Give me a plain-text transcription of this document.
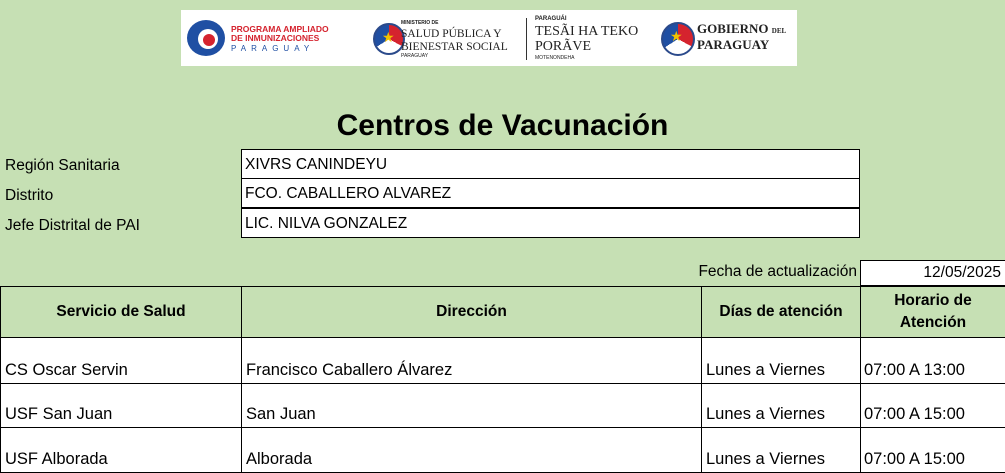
PROGRAMA AMPLIADO
DE INMUNIZACIONES
PARAGUAY
★
MINISTERIO DE
SALUD PÚBLICA Y
BIENESTAR SOCIAL
PARAGUAY
PARAGUÁI
TESÃI HA TEKO
PORÃVE
MOTENONDEHA
★
GOBIERNO DEL
PARAGUAY
Centros de Vacunación
Región Sanitaria	XIVRS CANINDEYU
Distrito	FCO. CABALLERO ALVAREZ
Jefe Distrital de PAI	LIC. NILVA GONZALEZ
Fecha de actualización	12/05/2025
Servicio de Salud	Dirección	Días de atención	Horario de Atención
CS Oscar Servin	Francisco Caballero Álvarez	Lunes a Viernes	07:00 A 13:00
USF San Juan	San Juan	Lunes a Viernes	07:00 A 15:00
USF Alborada	Alborada	Lunes a Viernes	07:00 A 15:00
